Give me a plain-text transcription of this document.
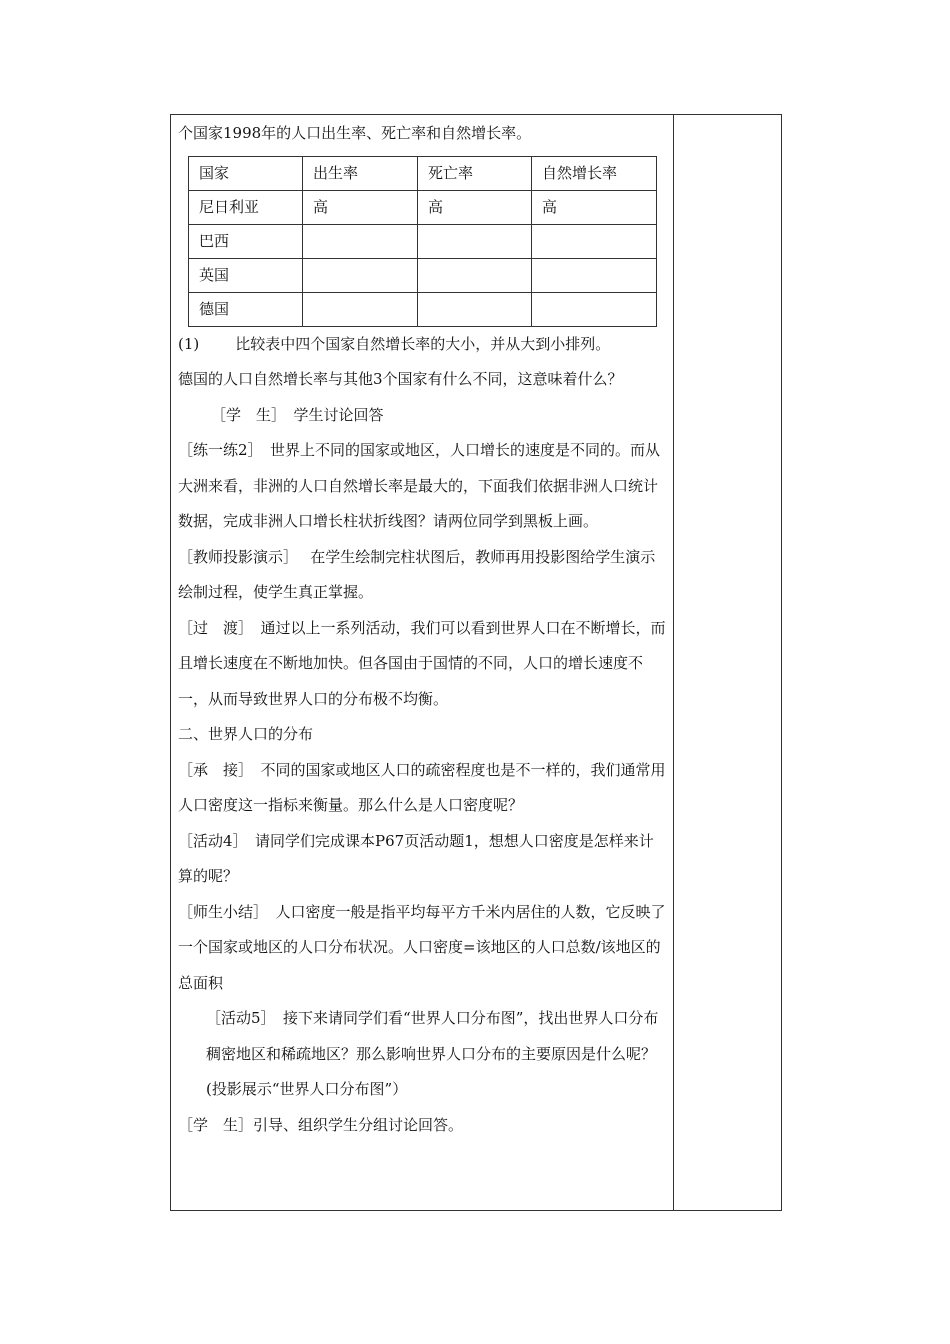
个国家1998年的人口出生率、死亡率和自然增长率。

国家	出生率	死亡率	自然增长率
尼日利亚	高	高	高
巴西			
英国			
德国			

(1) 比较表中四个国家自然增长率的大小，并从大到小排列。

德国的人口自然增长率与其他3个国家有什么不同，这意味着什么？

［学　生］　学生讨论回答

［练一练2］　世界上不同的国家或地区，人口增长的速度是不同的。而从大洲来看，非洲的人口自然增长率是最大的，下面我们依据非洲人口统计数据，完成非洲人口增长柱状折线图？请两位同学到黑板上画。

［教师投影演示］　 在学生绘制完柱状图后，教师再用投影图给学生演示绘制过程，使学生真正掌握。

［过　渡］　通过以上一系列活动，我们可以看到世界人口在不断增长，而且增长速度在不断地加快。但各国由于国情的不同，人口的增长速度不一，从而导致世界人口的分布极不均衡。

二、世界人口的分布

［承　接］　不同的国家或地区人口的疏密程度也是不一样的，我们通常用人口密度这一指标来衡量。那么什么是人口密度呢？

［活动4］　请同学们完成课本P67页活动题1，想想人口密度是怎样来计算的呢？

［师生小结］　人口密度一般是指平均每平方千米内居住的人数，它反映了一个国家或地区的人口分布状况。人口密度=该地区的人口总数/该地区的总面积

［活动5］　接下来请同学们看“世界人口分布图”，找出世界人口分布稠密地区和稀疏地区？那么影响世界人口分布的主要原因是什么呢？(投影展示“世界人口分布图”）

［学　生］引导、组织学生分组讨论回答。
